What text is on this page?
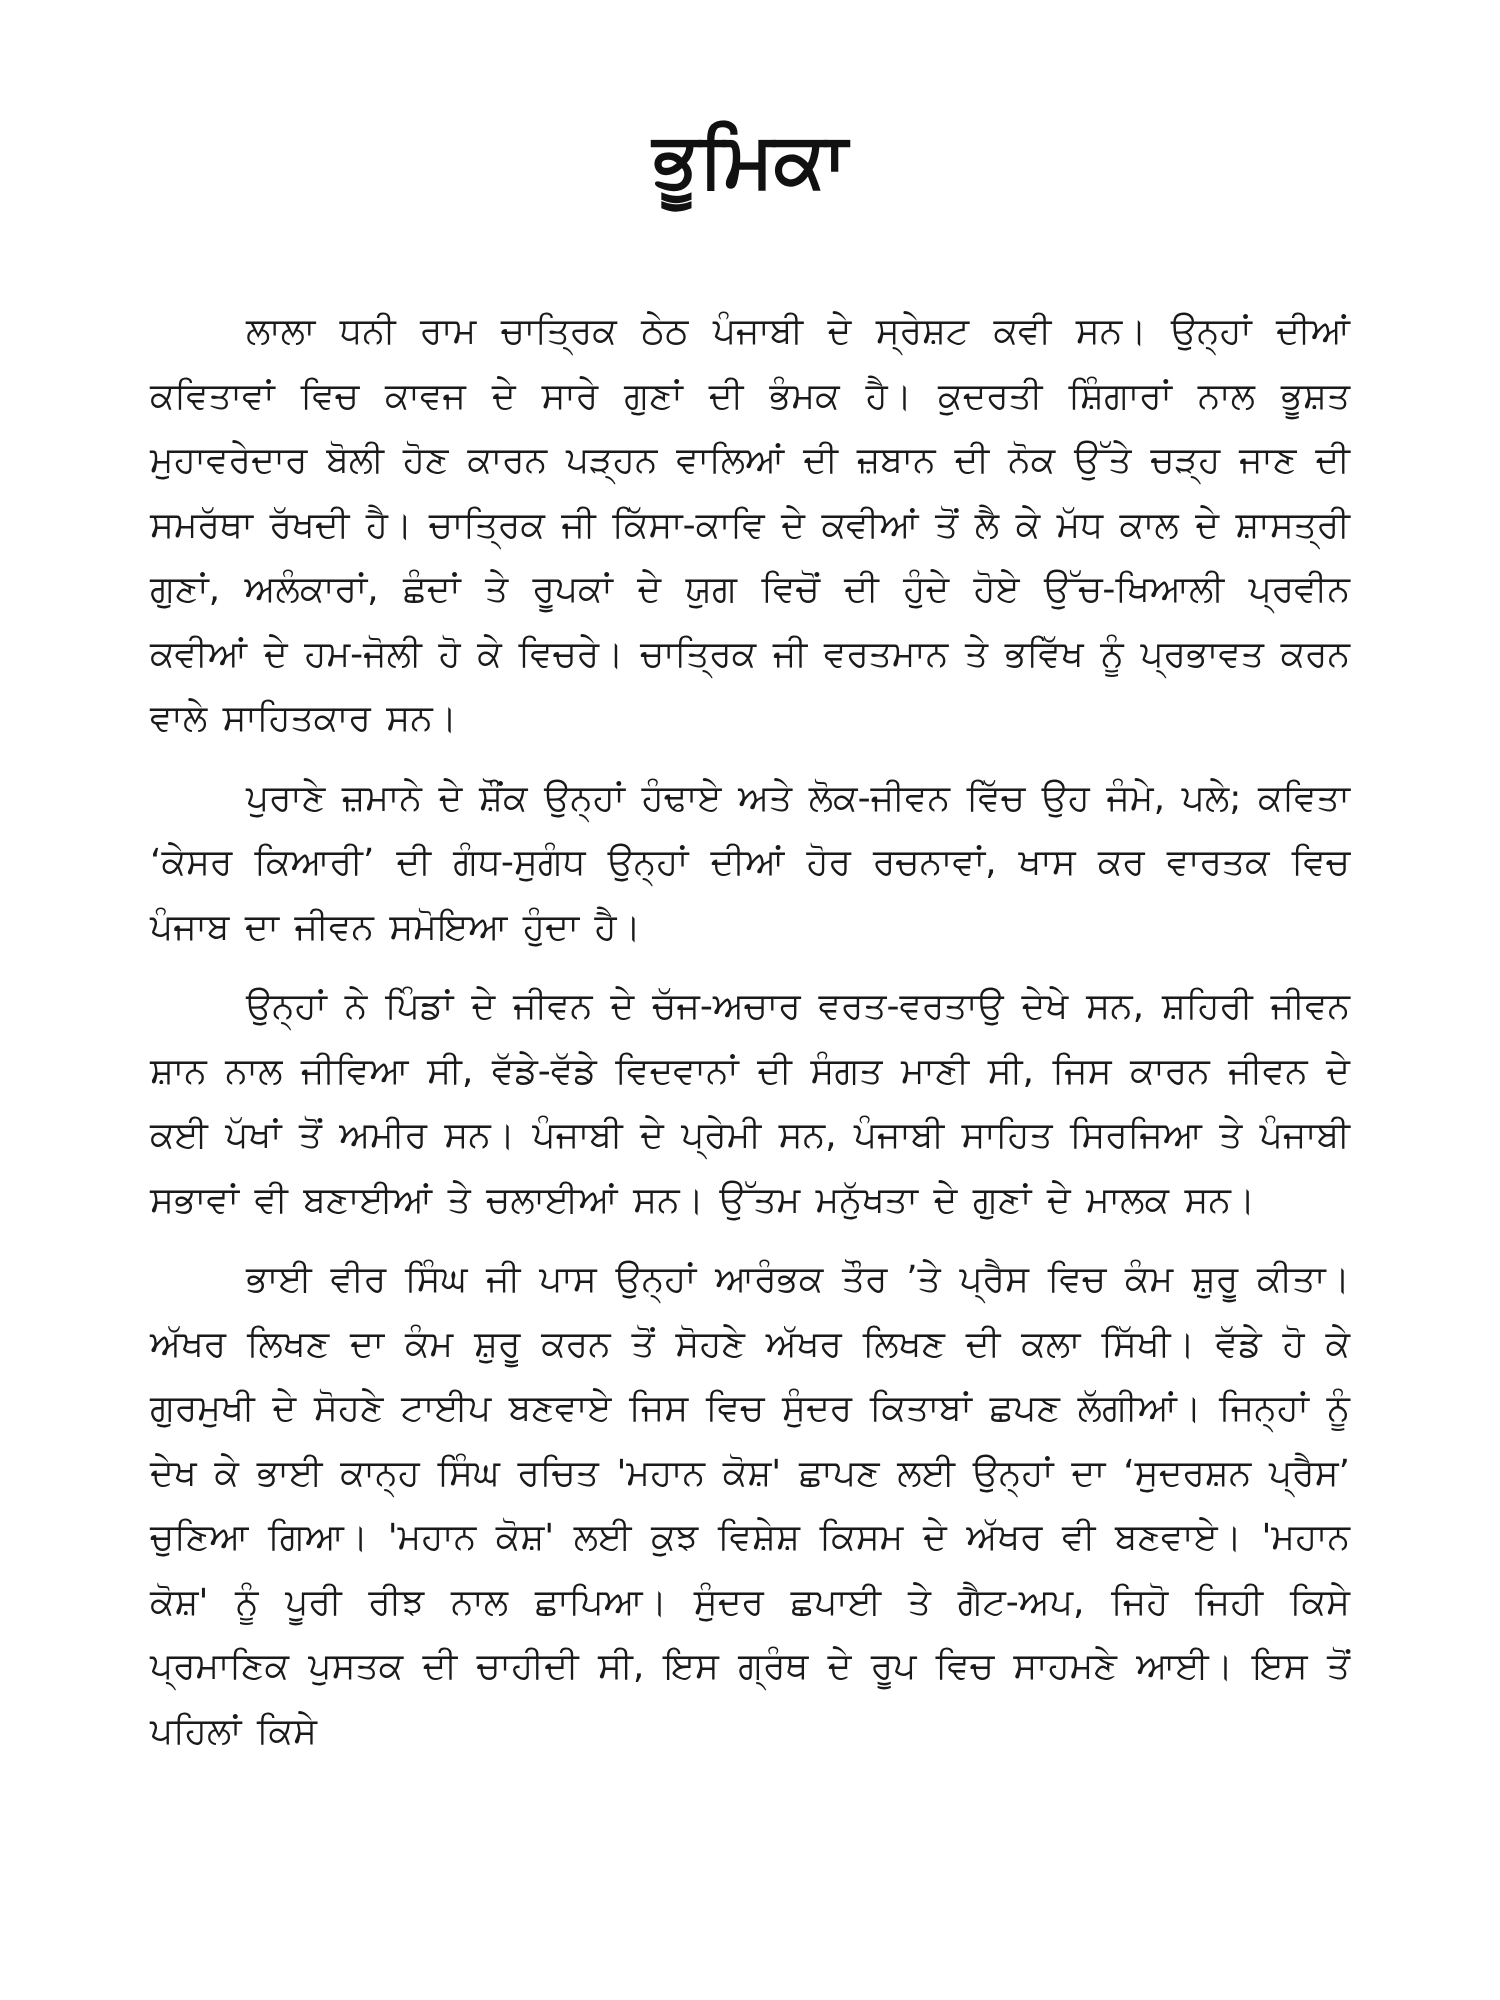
ਭੂਮਿਕਾ

ਲਾਲਾ ਧਨੀ ਰਾਮ ਚਾਤ੍ਰਿਕ ਠੇਠ ਪੰਜਾਬੀ ਦੇ ਸ੍ਰੇਸ਼ਟ ਕਵੀ ਸਨ। ਉਨ੍ਹਾਂ ਦੀਆਂ ਕਵਿਤਾਵਾਂ ਵਿਚ ਕਾਵਜ ਦੇ ਸਾਰੇ ਗੁਣਾਂ ਦੀ ਭੰਮਕ ਹੈ। ਕੁਦਰਤੀ ਸ਼ਿੰਗਾਰਾਂ ਨਾਲ ਭੂਸ਼ਤ ਮੁਹਾਵਰੇਦਾਰ ਬੋਲੀ ਹੋਣ ਕਾਰਨ ਪੜ੍ਹਨ ਵਾਲਿਆਂ ਦੀ ਜ਼ਬਾਨ ਦੀ ਨੋਕ ਉੱਤੇ ਚੜ੍ਹ ਜਾਣ ਦੀ ਸਮਰੱਥਾ ਰੱਖਦੀ ਹੈ। ਚਾਤ੍ਰਿਕ ਜੀ ਕਿੱਸਾ-ਕਾਵਿ ਦੇ ਕਵੀਆਂ ਤੋਂ ਲੈ ਕੇ ਮੱਧ ਕਾਲ ਦੇ ਸ਼ਾਸਤ੍ਰੀ ਗੁਣਾਂ, ਅਲੰਕਾਰਾਂ, ਛੰਦਾਂ ਤੇ ਰੂਪਕਾਂ ਦੇ ਯੁਗ ਵਿਚੋਂ ਦੀ ਹੁੰਦੇ ਹੋਏ ਉੱਚ-ਖਿਆਲੀ ਪ੍ਰਵੀਨ ਕਵੀਆਂ ਦੇ ਹਮ-ਜੋਲੀ ਹੋ ਕੇ ਵਿਚਰੇ। ਚਾਤ੍ਰਿਕ ਜੀ ਵਰਤਮਾਨ ਤੇ ਭਵਿੱਖ ਨੂੰ ਪ੍ਰਭਾਵਤ ਕਰਨ ਵਾਲੇ ਸਾਹਿਤਕਾਰ ਸਨ।

ਪੁਰਾਣੇ ਜ਼ਮਾਨੇ ਦੇ ਸ਼ੌਂਕ ਉਨ੍ਹਾਂ ਹੰਢਾਏ ਅਤੇ ਲੋਕ-ਜੀਵਨ ਵਿੱਚ ਉਹ ਜੰਮੇ, ਪਲੇ; ਕਵਿਤਾ ‘ਕੇਸਰ ਕਿਆਰੀ’ ਦੀ ਗੰਧ-ਸੁਗੰਧ ਉਨ੍ਹਾਂ ਦੀਆਂ ਹੋਰ ਰਚਨਾਵਾਂ, ਖਾਸ ਕਰ ਵਾਰਤਕ ਵਿਚ ਪੰਜਾਬ ਦਾ ਜੀਵਨ ਸਮੋਇਆ ਹੁੰਦਾ ਹੈ।

ਉਨ੍ਹਾਂ ਨੇ ਪਿੰਡਾਂ ਦੇ ਜੀਵਨ ਦੇ ਚੱਜ-ਅਚਾਰ ਵਰਤ-ਵਰਤਾਉ ਦੇਖੇ ਸਨ, ਸ਼ਹਿਰੀ ਜੀਵਨ ਸ਼ਾਨ ਨਾਲ ਜੀਵਿਆ ਸੀ, ਵੱਡੇ-ਵੱਡੇ ਵਿਦਵਾਨਾਂ ਦੀ ਸੰਗਤ ਮਾਣੀ ਸੀ, ਜਿਸ ਕਾਰਨ ਜੀਵਨ ਦੇ ਕਈ ਪੱਖਾਂ ਤੋਂ ਅਮੀਰ ਸਨ। ਪੰਜਾਬੀ ਦੇ ਪ੍ਰੇਮੀ ਸਨ, ਪੰਜਾਬੀ ਸਾਹਿਤ ਸਿਰਜਿਆ ਤੇ ਪੰਜਾਬੀ ਸਭਾਵਾਂ ਵੀ ਬਣਾਈਆਂ ਤੇ ਚਲਾਈਆਂ ਸਨ। ਉੱਤਮ ਮਨੁੱਖਤਾ ਦੇ ਗੁਣਾਂ ਦੇ ਮਾਲਕ ਸਨ।

ਭਾਈ ਵੀਰ ਸਿੰਘ ਜੀ ਪਾਸ ਉਨ੍ਹਾਂ ਆਰੰਭਕ ਤੌਰ ’ਤੇ ਪ੍ਰੈਸ ਵਿਚ ਕੰਮ ਸ਼ੁਰੂ ਕੀਤਾ। ਅੱਖਰ ਲਿਖਣ ਦਾ ਕੰਮ ਸ਼ੁਰੂ ਕਰਨ ਤੋਂ ਸੋਹਣੇ ਅੱਖਰ ਲਿਖਣ ਦੀ ਕਲਾ ਸਿੱਖੀ। ਵੱਡੇ ਹੋ ਕੇ ਗੁਰਮੁਖੀ ਦੇ ਸੋਹਣੇ ਟਾਈਪ ਬਣਵਾਏ ਜਿਸ ਵਿਚ ਸੁੰਦਰ ਕਿਤਾਬਾਂ ਛਪਣ ਲੱਗੀਆਂ। ਜਿਨ੍ਹਾਂ ਨੂੰ ਦੇਖ ਕੇ ਭਾਈ ਕਾਨ੍ਹ ਸਿੰਘ ਰਚਿਤ 'ਮਹਾਨ ਕੋਸ਼' ਛਾਪਣ ਲਈ ਉਨ੍ਹਾਂ ਦਾ ‘ਸੁਦਰਸ਼ਨ ਪ੍ਰੈਸ’ ਚੁਣਿਆ ਗਿਆ। 'ਮਹਾਨ ਕੋਸ਼' ਲਈ ਕੁਝ ਵਿਸ਼ੇਸ਼ ਕਿਸਮ ਦੇ ਅੱਖਰ ਵੀ ਬਣਵਾਏ। 'ਮਹਾਨ ਕੋਸ਼' ਨੂੰ ਪੂਰੀ ਰੀਝ ਨਾਲ ਛਾਪਿਆ। ਸੁੰਦਰ ਛਪਾਈ ਤੇ ਗੈਟ-ਅਪ, ਜਿਹੋ ਜਿਹੀ ਕਿਸੇ ਪ੍ਰਮਾਣਿਕ ਪੁਸਤਕ ਦੀ ਚਾਹੀਦੀ ਸੀ, ਇਸ ਗ੍ਰੰਥ ਦੇ ਰੂਪ ਵਿਚ ਸਾਹਮਣੇ ਆਈ। ਇਸ ਤੋਂ ਪਹਿਲਾਂ ਕਿਸੇ
